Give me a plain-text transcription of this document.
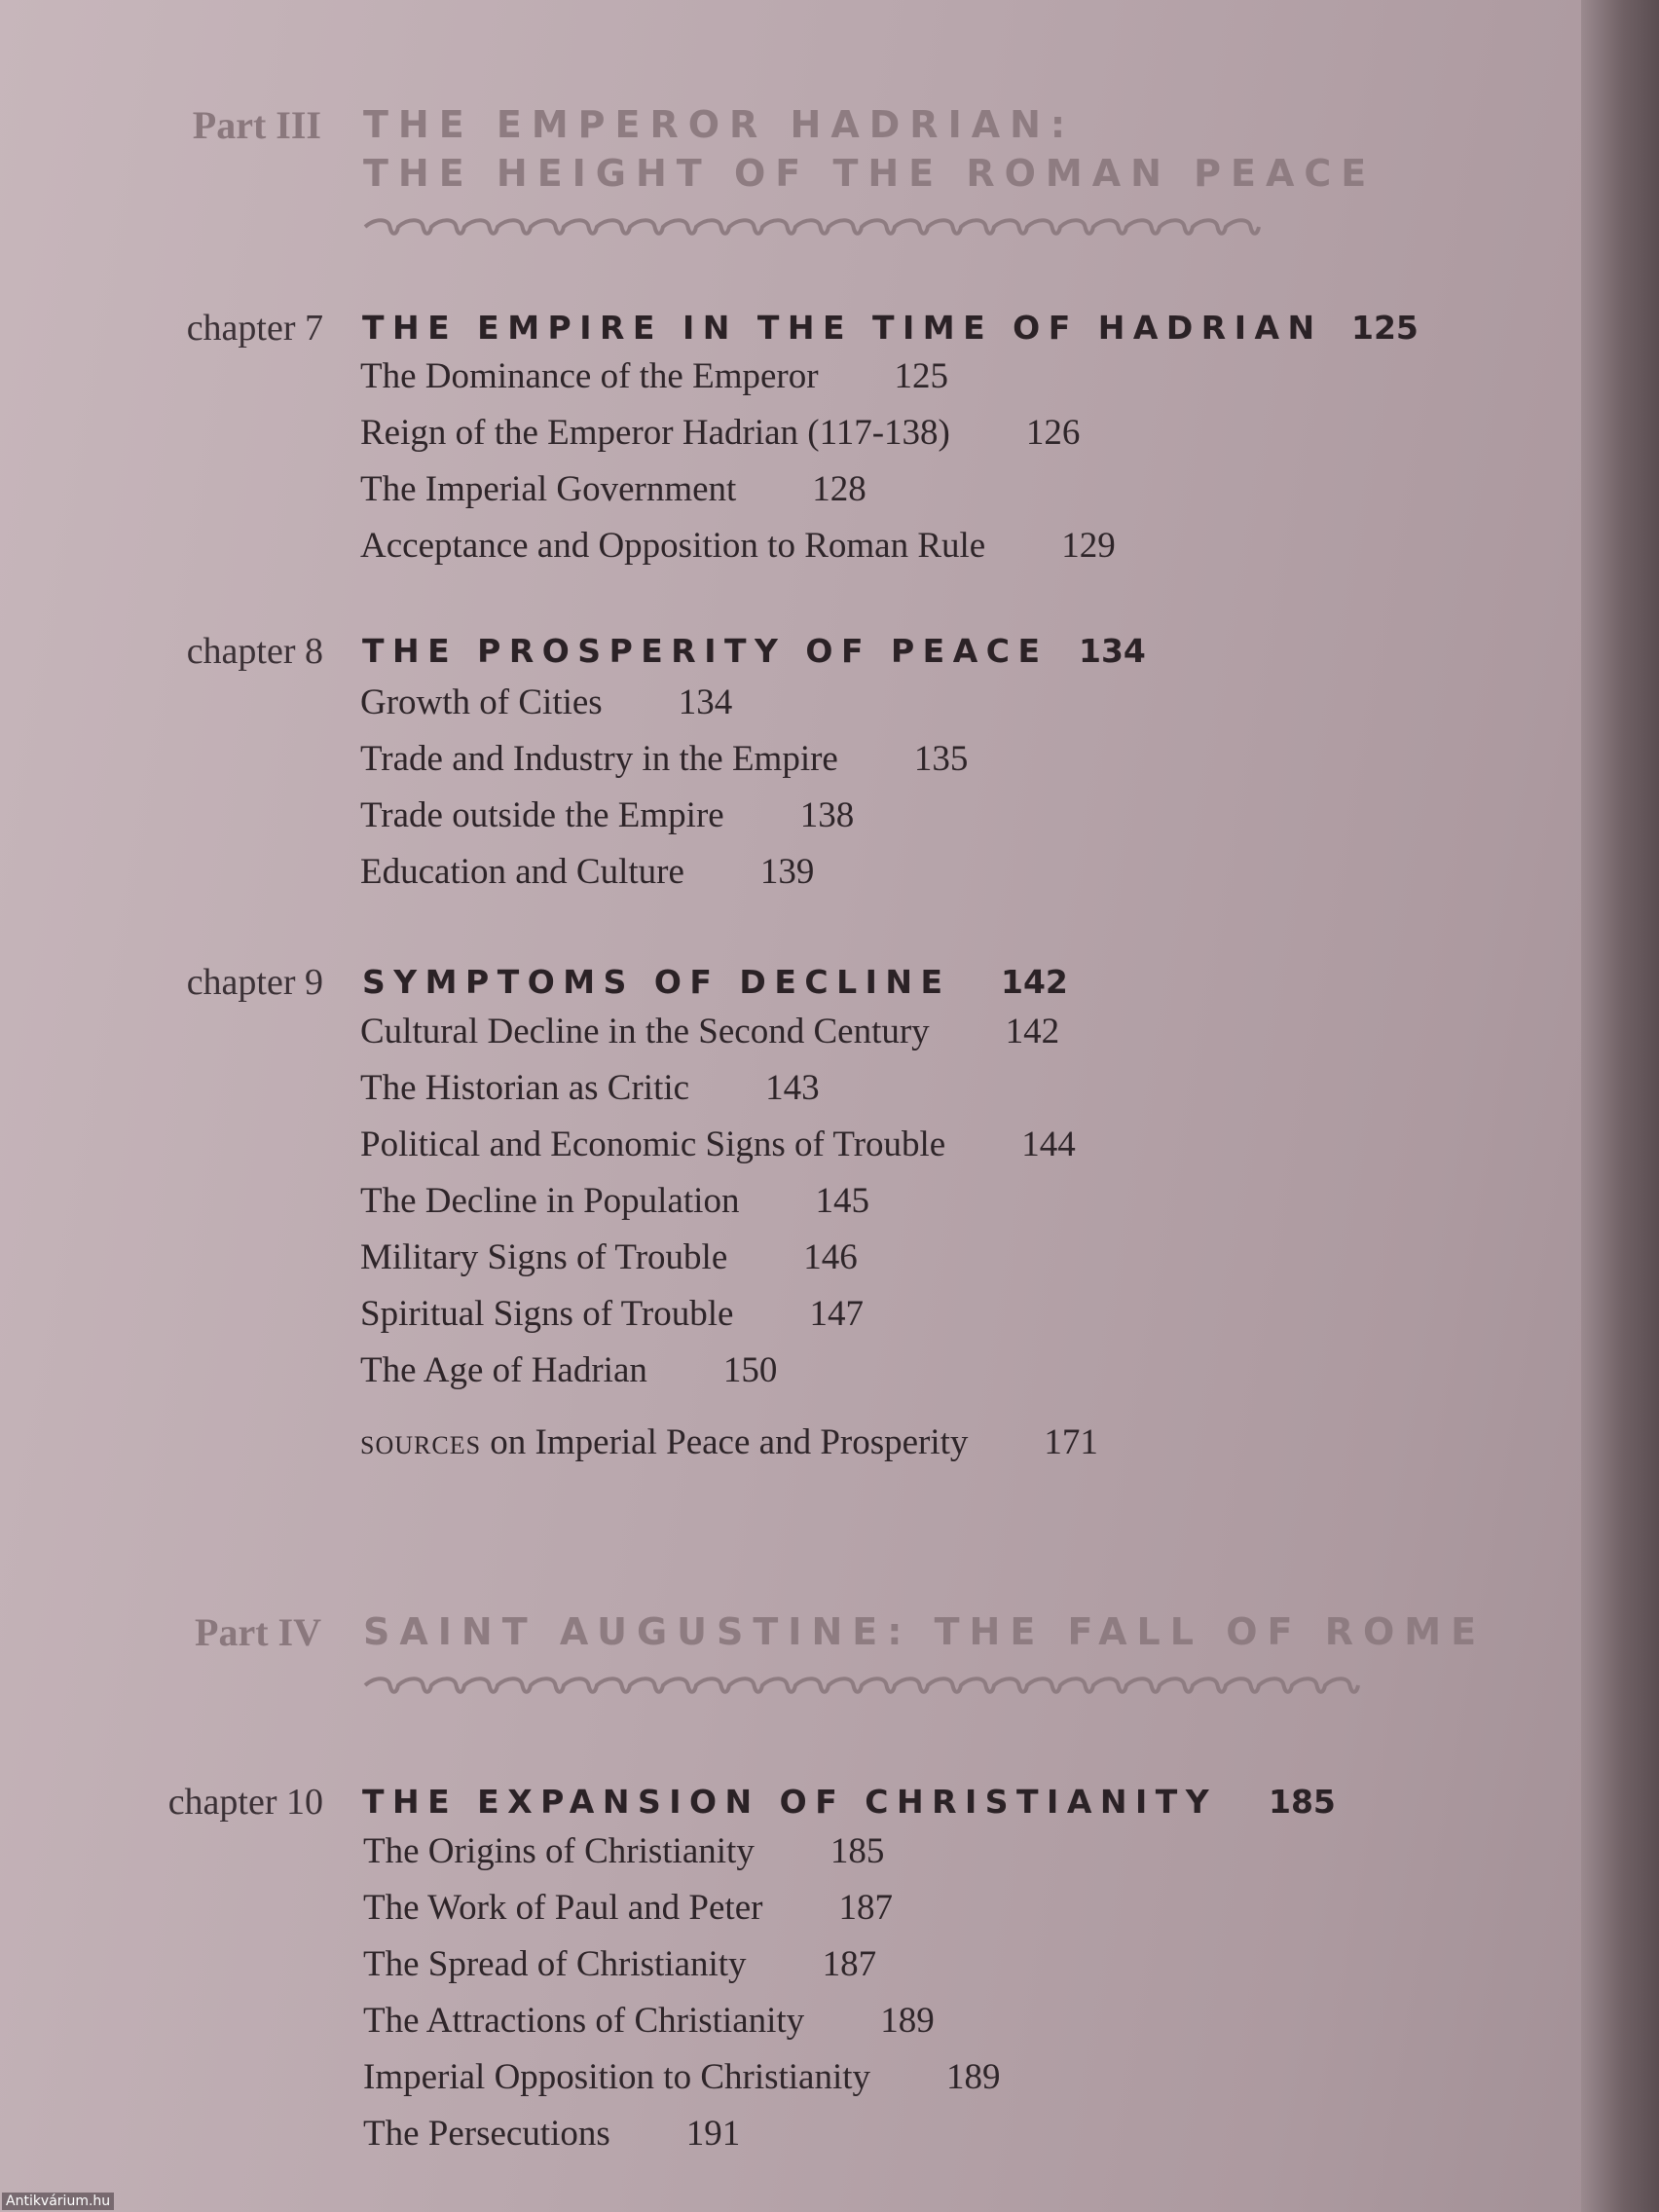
Part III THE EMPEROR HADRIAN:
THE HEIGHT OF THE ROMAN PEACE
chapter 7 THE EMPIRE IN THE TIME OF HADRIAN 125
The Dominance of the Emperor 125
Reign of the Emperor Hadrian (117-138) 126
The Imperial Government 128
Acceptance and Opposition to Roman Rule 129
chapter 8 THE PROSPERITY OF PEACE 134
Growth of Cities 134
Trade and Industry in the Empire 135
Trade outside the Empire 138
Education and Culture 139
chapter 9 SYMPTOMS OF DECLINE 142
Cultural Decline in the Second Century 142
The Historian as Critic 143
Political and Economic Signs of Trouble 144
The Decline in Population 145
Military Signs of Trouble 146
Spiritual Signs of Trouble 147
The Age of Hadrian 150
sources on Imperial Peace and Prosperity 171
Part IV SAINT AUGUSTINE: THE FALL OF ROME
chapter 10 THE EXPANSION OF CHRISTIANITY 185
The Origins of Christianity 185
The Work of Paul and Peter 187
The Spread of Christianity 187
The Attractions of Christianity 189
Imperial Opposition to Christianity 189
The Persecutions 191
Antikvárium.hu
